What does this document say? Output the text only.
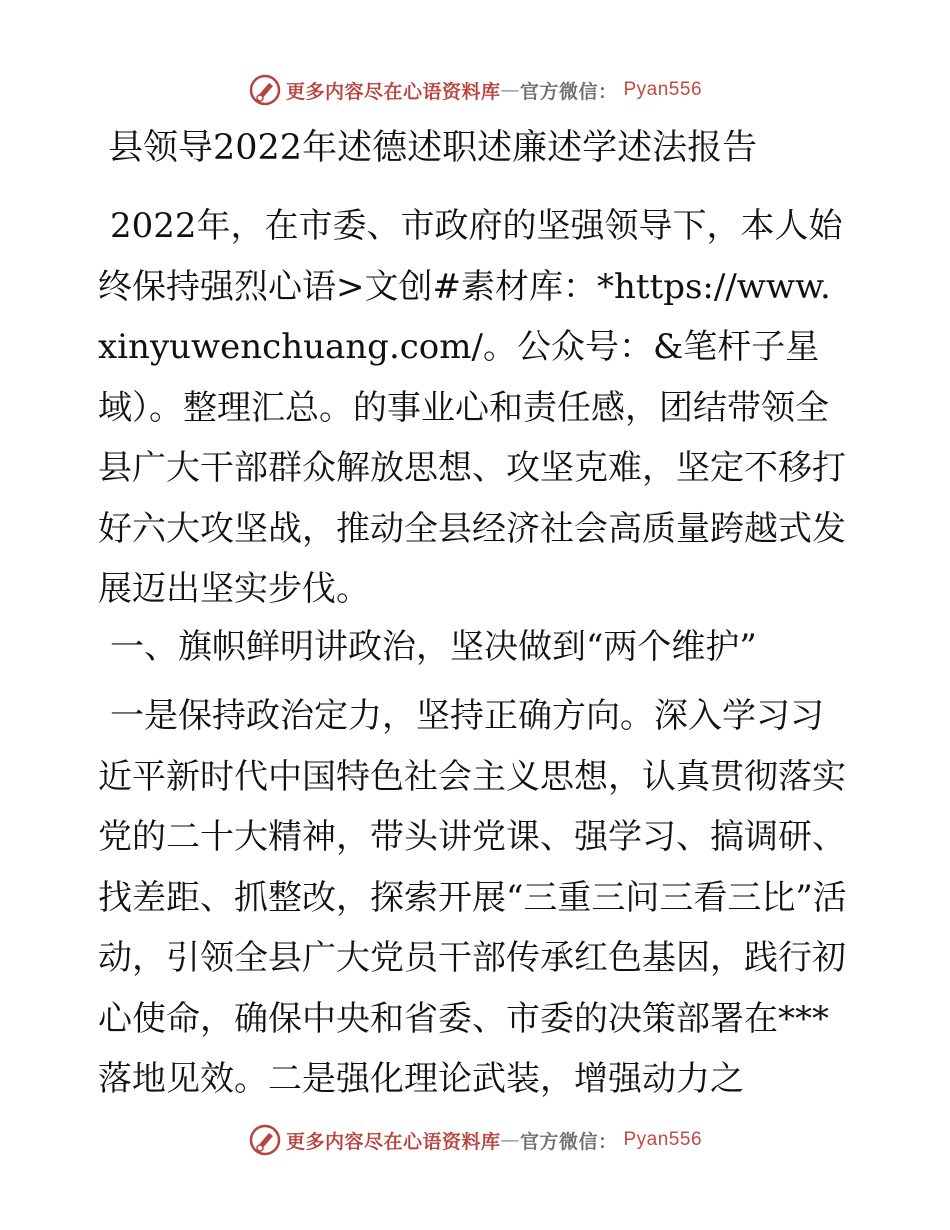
更多内容尽在心语资料库 — 官方微信： Pyan556
县领导2022年述德述职述廉述学述法报告

2022年，在市委、市政府的坚强领导下，本人始终保持强烈心语>文创#素材库：*https://www.xinyuwenchuang.com/。公众号：&笔杆子星域）。整理汇总。的事业心和责任感，团结带领全县广大干部群众解放思想、攻坚克难，坚定不移打好六大攻坚战，推动全县经济社会高质量跨越式发展迈出坚实步伐。

一、旗帜鲜明讲政治，坚决做到“两个维护”

一是保持政治定力，坚持正确方向。深入学习习近平新时代中国特色社会主义思想，认真贯彻落实党的二十大精神，带头讲党课、强学习、搞调研、找差距、抓整改，探索开展“三重三问三看三比”活动，引领全县广大党员干部传承红色基因，践行初心使命，确保中央和省委、市委的决策部署在***落地见效。二是强化理论武装，增强动力之

更多内容尽在心语资料库 — 官方微信： Pyan556
